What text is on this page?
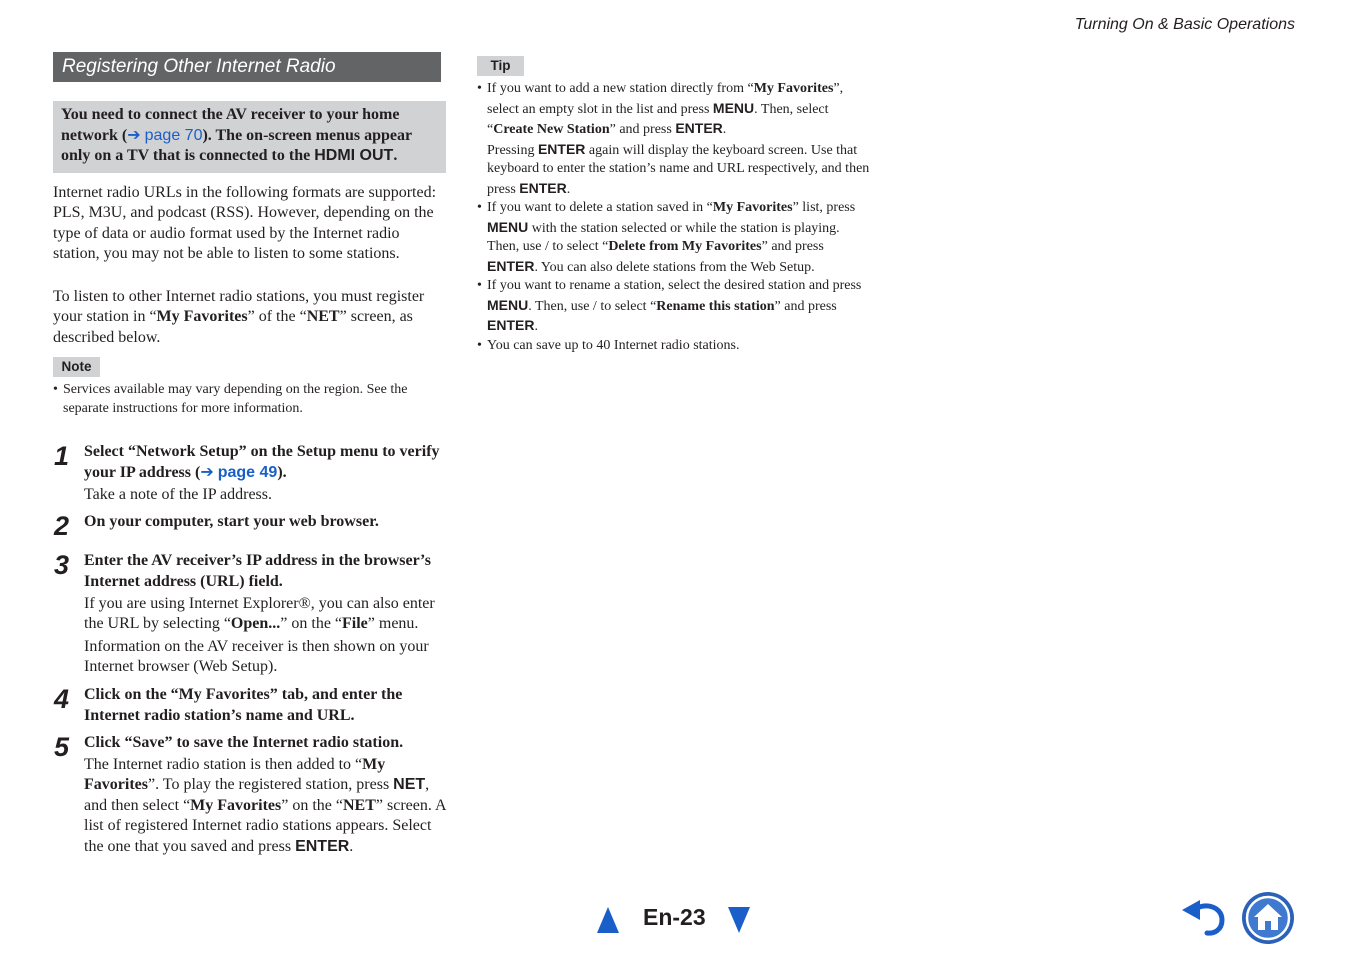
Turning On & Basic Operations
Registering Other Internet Radio
You need to connect the AV receiver to your home network (➔ page 70). The on-screen menus appear only on a TV that is connected to the HDMI OUT.
Internet radio URLs in the following formats are supported: PLS, M3U, and podcast (RSS). However, depending on the type of data or audio format used by the Internet radio station, you may not be able to listen to some stations.
To listen to other Internet radio stations, you must register your station in “My Favorites” of the “NET” screen, as described below.
Note
• Services available may vary depending on the region. See the separate instructions for more information.
1 Select “Network Setup” on the Setup menu to verify your IP address (➔ page 49).
Take a note of the IP address.
2 On your computer, start your web browser.
3 Enter the AV receiver’s IP address in the browser’s Internet address (URL) field.
If you are using Internet Explorer®, you can also enter the URL by selecting “Open...” on the “File” menu.
Information on the AV receiver is then shown on your Internet browser (Web Setup).
4 Click on the “My Favorites” tab, and enter the Internet radio station’s name and URL.
5 Click “Save” to save the Internet radio station.
The Internet radio station is then added to “My Favorites”. To play the registered station, press NET, and then select “My Favorites” on the “NET” screen. A list of registered Internet radio stations appears. Select the one that you saved and press ENTER.
Tip
• If you want to add a new station directly from “My Favorites”, select an empty slot in the list and press MENU. Then, select “Create New Station” and press ENTER.
Pressing ENTER again will display the keyboard screen. Use that keyboard to enter the station’s name and URL respectively, and then press ENTER.
• If you want to delete a station saved in “My Favorites” list, press MENU with the station selected or while the station is playing. Then, use / to select “Delete from My Favorites” and press ENTER. You can also delete stations from the Web Setup.
• If you want to rename a station, select the desired station and press MENU. Then, use / to select “Rename this station” and press ENTER.
• You can save up to 40 Internet radio stations.
En-23
